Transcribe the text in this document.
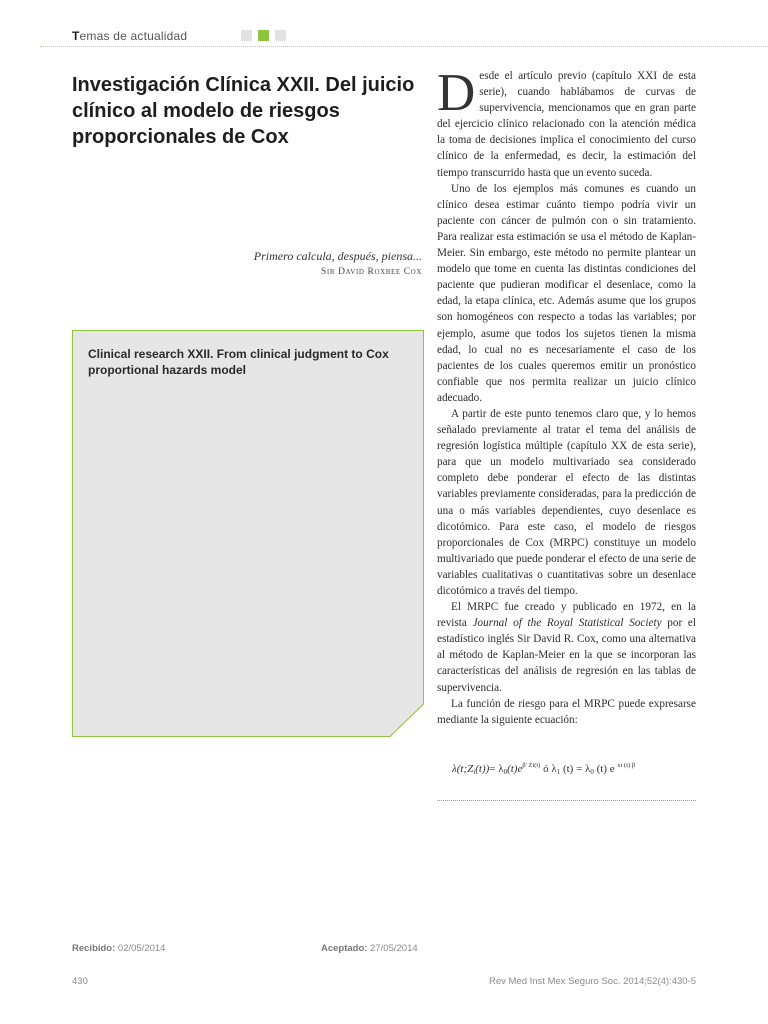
Temas de actualidad
Investigación Clínica XXII. Del juicio clínico al modelo de riesgos proporcionales de Cox
Primero calcula, después, piensa...
Sir David Roxbee Cox

Clinical research XXII. From clinical judgment to Cox proportional hazards model

Desde el artículo previo (capítulo XXI de esta serie), cuando hablábamos de curvas de supervivencia, mencionamos que en gran parte del ejercicio clínico relacionado con la atención médica la toma de decisiones implica el conocimiento del curso clínico de la enfermedad, es decir, la estimación del tiempo transcurrido hasta que un evento suceda.

Uno de los ejemplos más comunes es cuando un clínico desea estimar cuánto tiempo podría vivir un paciente con cáncer de pulmón con o sin tratamiento. Para realizar esta estimación se usa el método de Kaplan-Meier. Sin embargo, este método no permite plantear un modelo que tome en cuenta las distintas condiciones del paciente que pudieran modificar el desenlace, como la edad, la etapa clínica, etc. Además asume que los grupos son homogéneos con respecto a todas las variables; por ejemplo, asume que todos los sujetos tienen la misma edad, lo cual no es necesariamente el caso de los pacientes de los cuales queremos emitir un pronóstico confiable que nos permita realizar un juicio clínico adecuado.

A partir de este punto tenemos claro que, y lo hemos señalado previamente al tratar el tema del análisis de regresión logística múltiple (capítulo XX de esta serie), para que un modelo multivariado sea considerado completo debe ponderar el efecto de las distintas variables previamente consideradas, para la predicción de una o más variables dependientes, cuyo desenlace es dicotómico. Para este caso, el modelo de riesgos proporcionales de Cox (MRPC) constituye un modelo multivariado que puede ponderar el efecto de una serie de variables cualitativas o cuantitativas sobre un desenlace dicotómico a través del tiempo.

El MRPC fue creado y publicado en 1972, en la revista Journal of the Royal Statistical Society por el estadístico inglés Sir David R. Cox, como una alternativa al método de Kaplan-Meier en la que se incorporan las características del análisis de regresión en las tablas de supervivencia.

La función de riesgo para el MRPC puede expresarse mediante la siguiente ecuación:

$\lambda(t;Z_i(t))= \lambda_0(t)e^{\beta' Zi(t)}$ ó $\lambda_1$ $(t) = \lambda_0$ (t) e $^{xi (t) \beta}$
Recibido: 02/05/2014	Aceptado: 27/05/2014
430	Rev Med Inst Mex Seguro Soc. 2014;52(4):430-5
